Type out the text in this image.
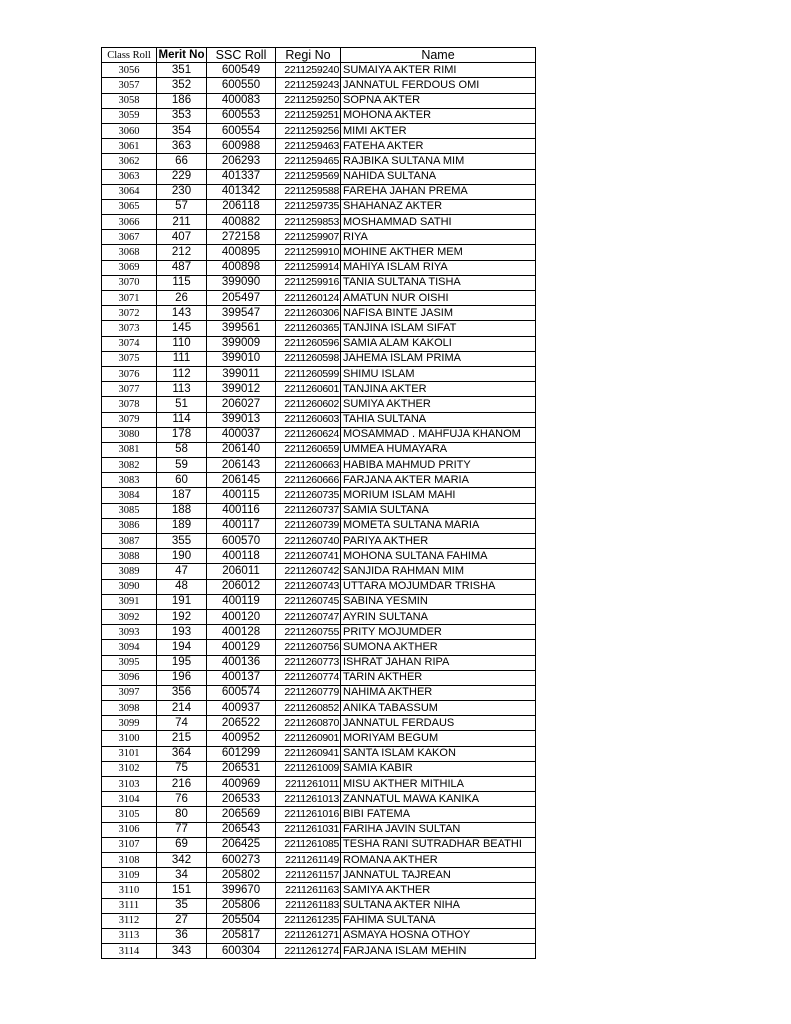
Class Roll	Merit No	SSC Roll	Regi No	Name
3056	351	600549	2211259240	SUMAIYA AKTER RIMI
3057	352	600550	2211259243	JANNATUL FERDOUS OMI
3058	186	400083	2211259250	SOPNA AKTER
3059	353	600553	2211259251	MOHONA AKTER
3060	354	600554	2211259256	MIMI AKTER
3061	363	600988	2211259463	FATEHA AKTER
3062	66	206293	2211259465	RAJBIKA SULTANA MIM
3063	229	401337	2211259569	NAHIDA SULTANA
3064	230	401342	2211259588	FAREHA JAHAN PREMA
3065	57	206118	2211259735	SHAHANAZ AKTER
3066	211	400882	2211259853	MOSHAMMAD SATHI
3067	407	272158	2211259907	RIYA
3068	212	400895	2211259910	MOHINE AKTHER MEM
3069	487	400898	2211259914	MAHIYA ISLAM RIYA
3070	115	399090	2211259916	TANIA SULTANA TISHA
3071	26	205497	2211260124	AMATUN NUR OISHI
3072	143	399547	2211260306	NAFISA BINTE JASIM
3073	145	399561	2211260365	TANJINA ISLAM SIFAT
3074	110	399009	2211260596	SAMIA ALAM KAKOLI
3075	111	399010	2211260598	JAHEMA ISLAM PRIMA
3076	112	399011	2211260599	SHIMU ISLAM
3077	113	399012	2211260601	TANJINA AKTER
3078	51	206027	2211260602	SUMIYA AKTHER
3079	114	399013	2211260603	TAHIA SULTANA
3080	178	400037	2211260624	MOSAMMAD . MAHFUJA KHANOM
3081	58	206140	2211260659	UMMEA HUMAYARA
3082	59	206143	2211260663	HABIBA MAHMUD PRITY
3083	60	206145	2211260666	FARJANA AKTER MARIA
3084	187	400115	2211260735	MORIUM ISLAM MAHI
3085	188	400116	2211260737	SAMIA SULTANA
3086	189	400117	2211260739	MOMETA SULTANA MARIA
3087	355	600570	2211260740	PARIYA AKTHER
3088	190	400118	2211260741	MOHONA SULTANA FAHIMA
3089	47	206011	2211260742	SANJIDA RAHMAN MIM
3090	48	206012	2211260743	UTTARA MOJUMDAR TRISHA
3091	191	400119	2211260745	SABINA YESMIN
3092	192	400120	2211260747	AYRIN SULTANA
3093	193	400128	2211260755	PRITY MOJUMDER
3094	194	400129	2211260756	SUMONA AKTHER
3095	195	400136	2211260773	ISHRAT JAHAN RIPA
3096	196	400137	2211260774	TARIN AKTHER
3097	356	600574	2211260779	NAHIMA AKTHER
3098	214	400937	2211260852	ANIKA TABASSUM
3099	74	206522	2211260870	JANNATUL FERDAUS
3100	215	400952	2211260901	MORIYAM BEGUM
3101	364	601299	2211260941	SANTA ISLAM KAKON
3102	75	206531	2211261009	SAMIA KABIR
3103	216	400969	2211261011	MISU AKTHER MITHILA
3104	76	206533	2211261013	ZANNATUL MAWA KANIKA
3105	80	206569	2211261016	BIBI FATEMA
3106	77	206543	2211261031	FARIHA JAVIN SULTAN
3107	69	206425	2211261085	TESHA RANI SUTRADHAR BEATHI
3108	342	600273	2211261149	ROMANA AKTHER
3109	34	205802	2211261157	JANNATUL TAJREAN
3110	151	399670	2211261163	SAMIYA AKTHER
3111	35	205806	2211261183	SULTANA AKTER NIHA
3112	27	205504	2211261235	FAHIMA SULTANA
3113	36	205817	2211261271	ASMAYA HOSNA OTHOY
3114	343	600304	2211261274	FARJANA ISLAM MEHIN
